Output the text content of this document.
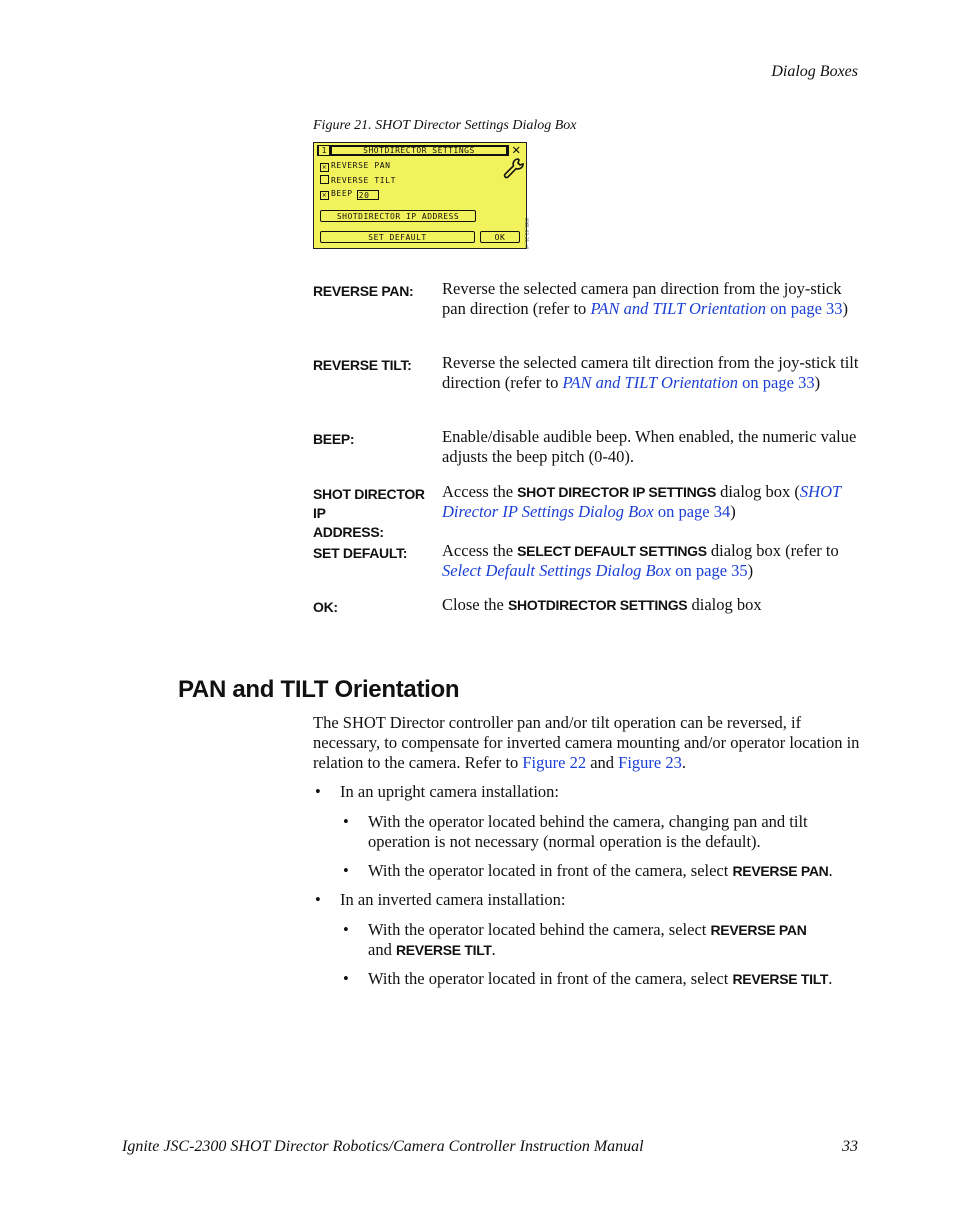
Dialog Boxes
Figure 21. SHOT Director Settings Dialog Box
1	SHOTDIRECTOR SETTINGS	✕
✕ REVERSE PAN
REVERSE TILT
✕ BEEP 20
SHOTDIRECTOR IP ADDRESS
SET DEFAULT	OK	8965_03_21_r0
REVERSE PAN:	Reverse the selected camera pan direction from the joy-stick pan direction (refer to PAN and TILT Orientation on page 33)
REVERSE TILT:	Reverse the selected camera tilt direction from the joy-stick tilt direction (refer to PAN and TILT Orientation on page 33)
BEEP:	Enable/disable audible beep. When enabled, the numeric value adjusts the beep pitch (0-40).
SHOT DIRECTOR IP
ADDRESS:
Access the SHOT DIRECTOR IP SETTINGS dialog box (SHOT Director IP Settings Dialog Box on page 34)
SET DEFAULT:	Access the SELECT DEFAULT SETTINGS dialog box (refer to Select Default Settings Dialog Box on page 35)
OK:	Close the SHOTDIRECTOR SETTINGS dialog box
PAN and TILT Orientation
The SHOT Director controller pan and/or tilt operation can be reversed, if necessary, to compensate for inverted camera mounting and/or operator location in relation to the camera. Refer to Figure 22 and Figure 23.
• In an upright camera installation:
• With the operator located behind the camera, changing pan and tilt operation is not necessary (normal operation is the default).
• With the operator located in front of the camera, select REVERSE PAN.
• In an inverted camera installation:
• With the operator located behind the camera, select REVERSE PAN
and REVERSE TILT.
• With the operator located in front of the camera, select REVERSE TILT.
Ignite JSC-2300 SHOT Director Robotics/Camera Controller Instruction Manual	33
